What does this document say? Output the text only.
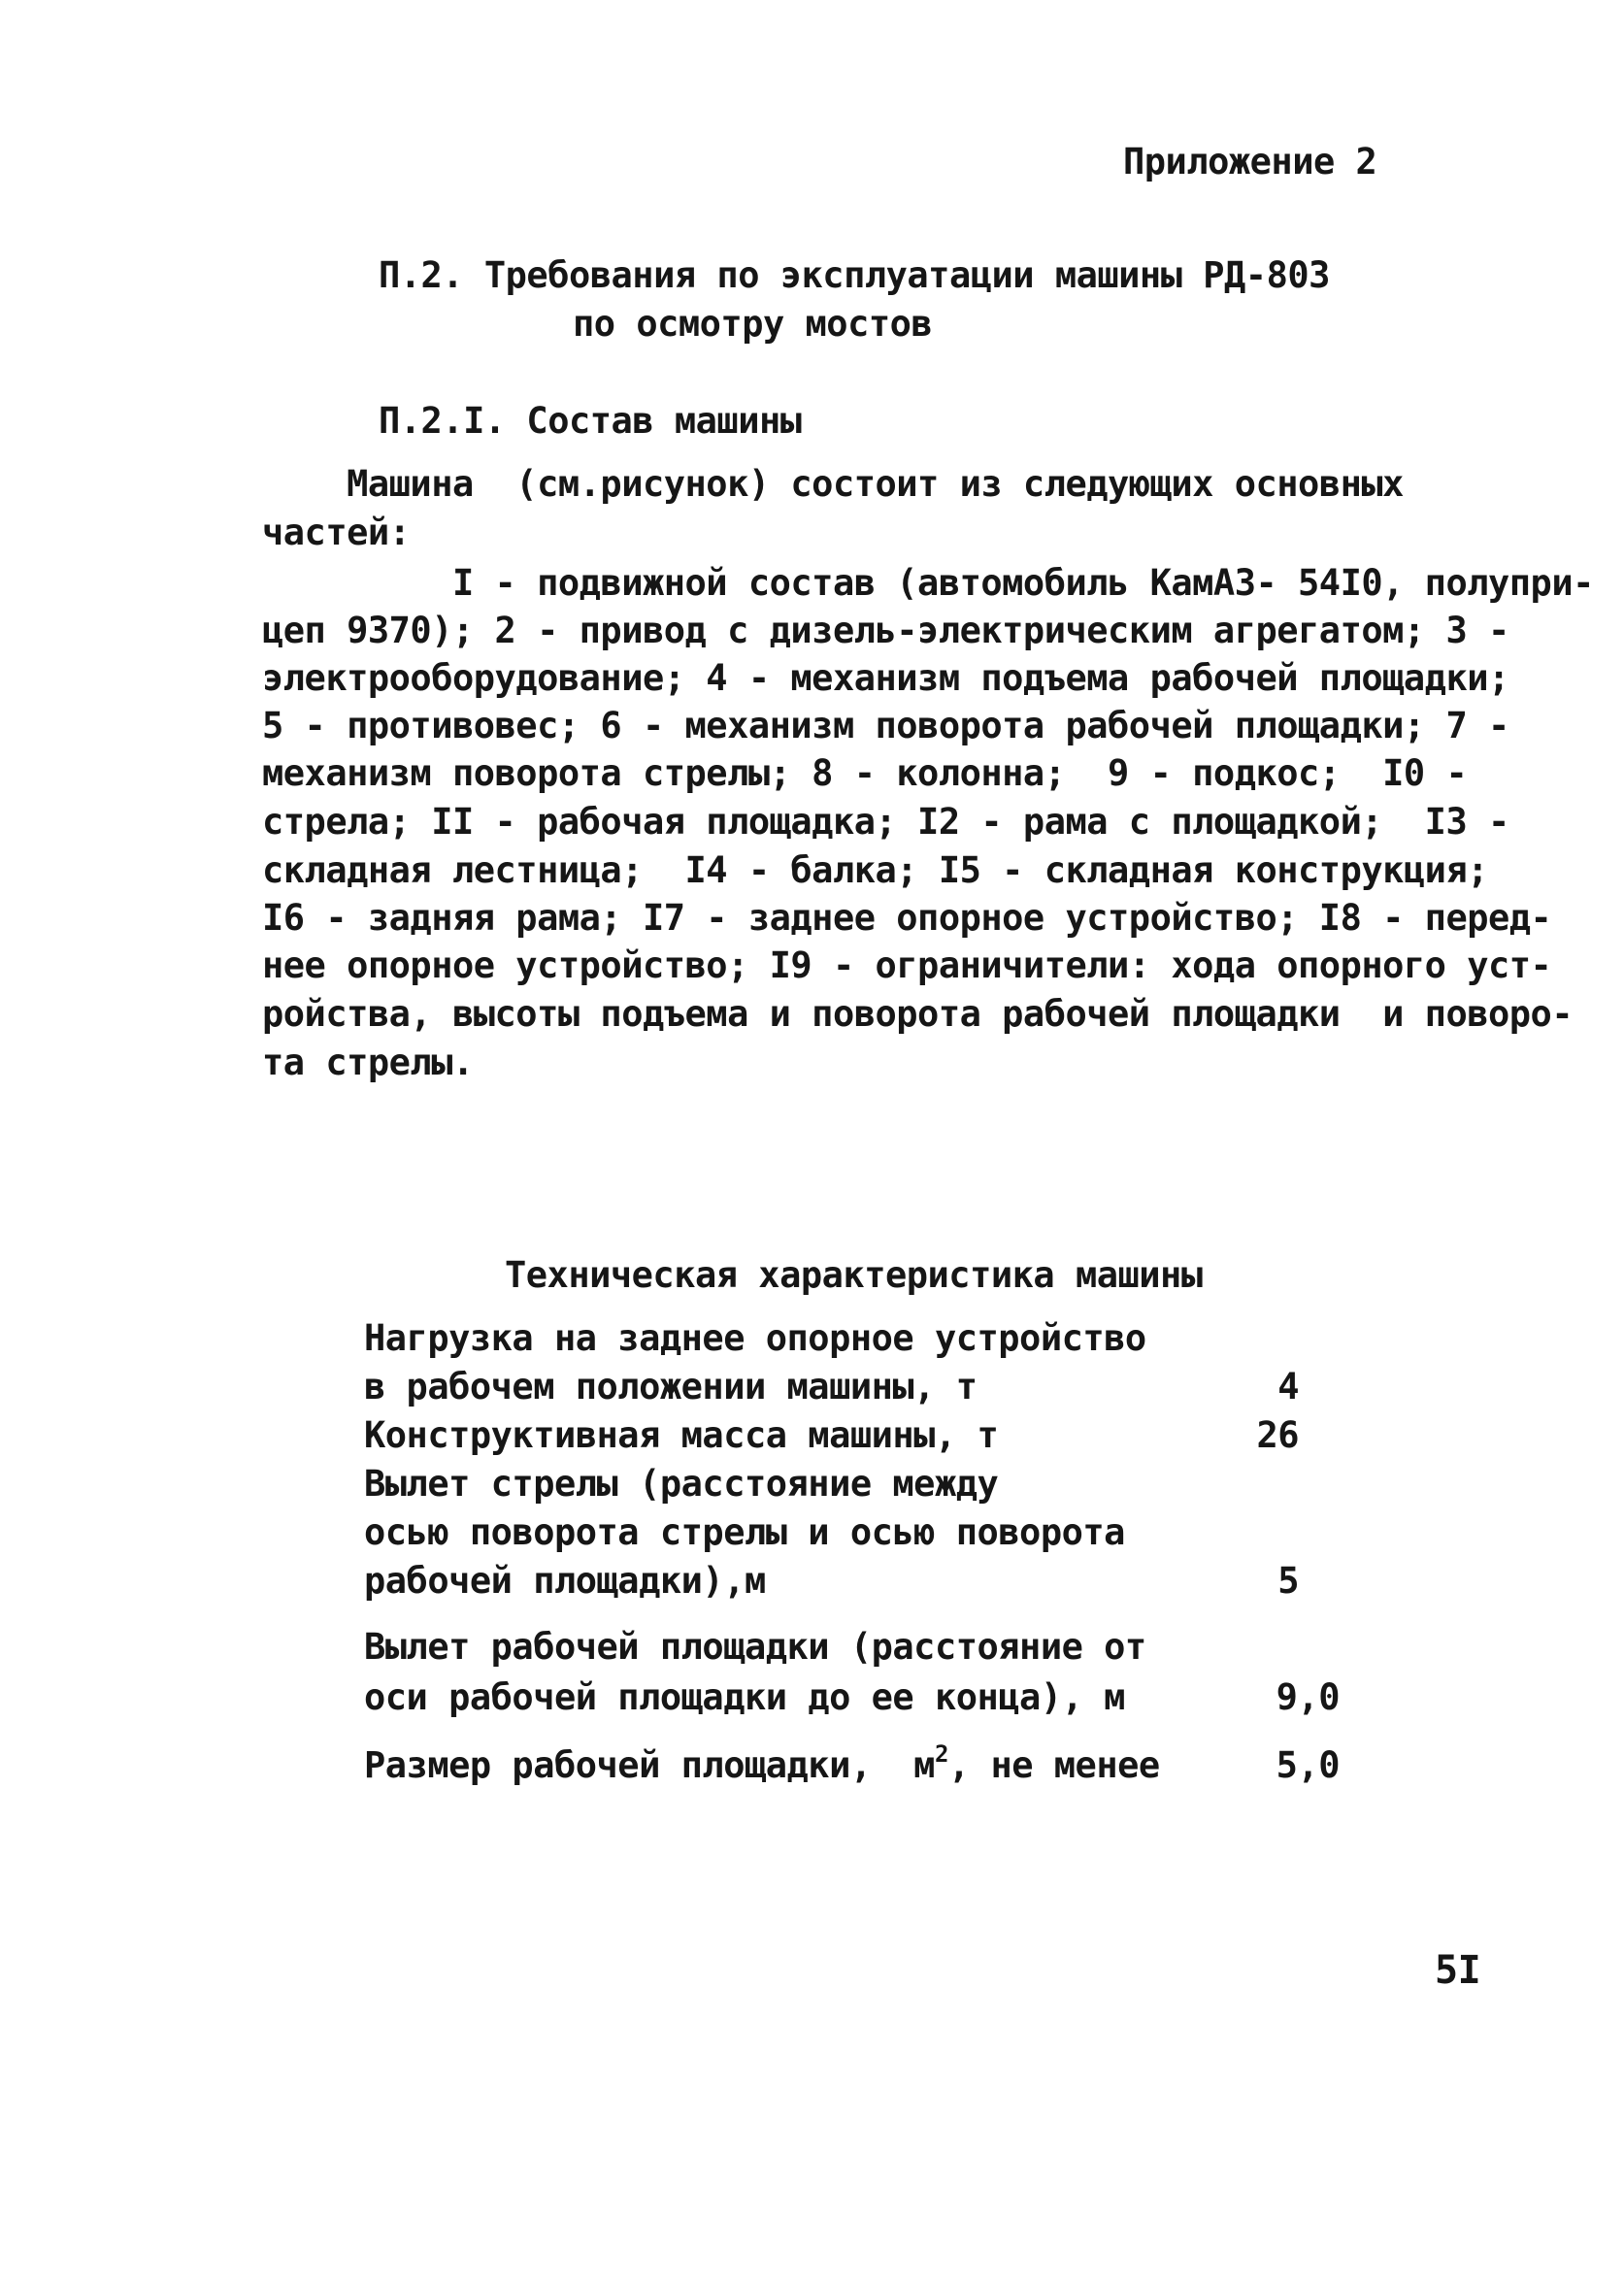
Приложение 2
П.2. Требования по эксплуатации машины РД-803
по осмотру мостов
П.2.I. Состав машины
Машина  (см.рисунок) состоит из следующих основных
частей:
I - подвижной состав (автомобиль КамАЗ- 54I0, полупри-
цеп 9370); 2 - привод с дизель-электрическим агрегатом; 3 -
электрооборудование; 4 - механизм подъема рабочей площадки;
5 - противовес; 6 - механизм поворота рабочей площадки; 7 -
механизм поворота стрелы; 8 - колонна;  9 - подкос;  I0 -
стрела; II - рабочая площадка; I2 - рама с площадкой;  I3 -
складная лестница;  I4 - балка; I5 - складная конструкция;
I6 - задняя рама; I7 - заднее опорное устройство; I8 - перед-
нее опорное устройство; I9 - ограничители: хода опорного уст-
ройства, высоты подъема и поворота рабочей площадки  и поворо-
та стрелы.
Техническая характеристика машины
Нагрузка на заднее опорное устройство
в рабочем положении машины, т	4
Конструктивная масса машины, т	26
Вылет стрелы (расстояние между
осью поворота стрелы и осью поворота
рабочей площадки),м	5
Вылет рабочей площадки (расстояние от
оси рабочей площадки до ее конца), м	9,0
Размер рабочей площадки,  $м^2$, не менее	5,0
5I
